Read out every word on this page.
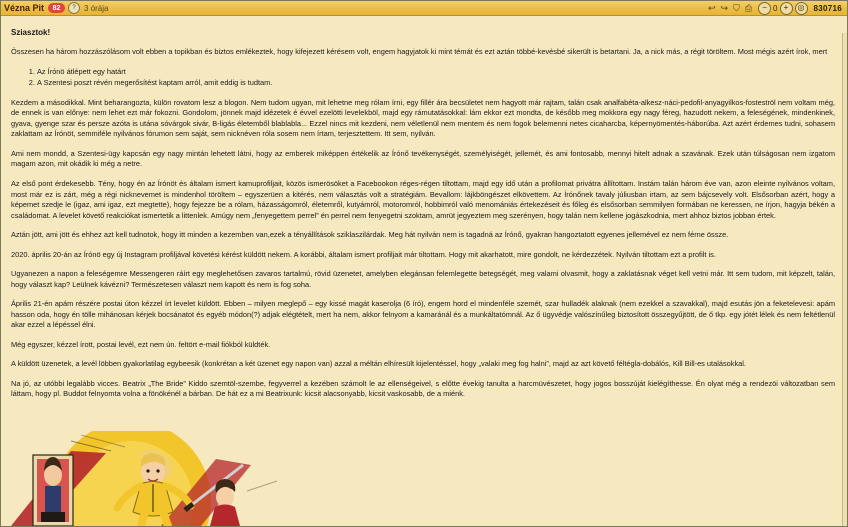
Vézna Pit	82	?	3 órája	↩ ↪ ⛉ ⎙	− 0 +	◎	830716
Sziasztok!

Összesen ha három hozzászólásom volt ebben a topikban és biztos emlékeztek, hogy kifejezett kérésem volt, engem hagyjatok ki mint témát és ezt aztán többé-kevésbé sikerült is betartani. Ja, a nick más, a régit töröltem. Most mégis azért írok, mert

1. Az Írónö átlépett egy határt
2. A Szentesi poszt révén megerősítést kaptam arról, amit eddig is tudtam.

Kezdem a másodikkal. Mint beharangozta, külön rovatom lesz a blogon. Nem tudom ugyan, mit lehetne meg rólam írni, egy fillér ára becsületet nem hagyott már rajtam, talán csak analfabéta-alkesz-náci-pedofil-anyagyilkos-fosteströl nem voltam még, de ennek is van előnye: nem lehet ezt már fokozni. Gondolom, jönnek majd idézetek é évvel ezelötti levelekböl, majd egy rámutatásokkal: lám ekkor ezt mondta, de később meg mokkora egy nagy féreg, hazudott nekem, a feleségének, mindenkinek, gyava, gyenge szar és persze azóta is utána sóvárgok sivár, B-ligás életemből blablabla... Ezzel nincs mit kezdeni, nem véletlenül nem mentem és nem fogok belemenni netes cicaharcba, képernyömentés-háborúba. Azt azért érdemes tudni, sohasem zaklattam az Írónöt, semmiféle nyilvános fórumon sem saját, sem nicknéven róla sosem nem írtam, terjesztettem. Itt sem, nyilván.

Ami nem mondd, a Szentesi-ügy kapcsán egy nagy mintán lehetett látni, hogy az emberek miképpen értékelik az Írónő tevékenységét, személyiségét, jellemét, és ami fontosabb, mennyi hitelt adnak a szavának. Ezek után túlságosan nem izgatom magam azon, mit okádik ki még a netre.

Az első pont érdekesebb. Tény, hogy én az Írónöt és általam ismert kamuprofiljait, közös ismerösöket a Facebookon réges-régen tiltottam, majd egy idő után a profilomat privátra állítottam. Instám talán három éve van, azon eleinte nyilvános voltam, most már ez is zárt, még a régi nicknevemet is mindenhol töröltem – egyszerüen a kitérés, nem választás volt a stratégiám. Bevallom: lájkböngészet elkövettem. Az Írónőnek tavaly júliusban irtam, az sem bájcsevely volt. Elsősorban azért, hogy a képemet szedje le (igaz, ami igaz, ezt megtette), hogy fejezze be a rólam, házasságomról, életemről, kutyámról, motoromról, hobbimról való menomániás értekezéseit és főleg és elsősorban semmilyen formában ne keressen, ne írjon, hagyja békén a családomat. A levelet követő reakciókat ismertetik a littenlek. Amúgy nem „fenyegettem perrel” én perrel nem fenyegetni szoktam, amrüt jegyeztem meg szerényen, hogy talán nem kellene jogászkodnia, mert ahhoz biztos jobban értek.

Aztán jött, ami jött és ehhez azt kell tudnotok, hogy itt minden a kezemben van,ezek a tényállítások sziklaszilárdak. Meg hát nyilván nem is tagadná az Írónő, gyakran hangoztatott egyenes jellemével ez nem férne össze.

2020. április 20-án az Írónö egy új Instagram profiljával követési kérést küldött nekem. A korábbi, általam ismert profiljait már tiltottam. Hogy mit akarhatott, mire gondolt, ne kérdezzétek. Nyilván tiltottam ezt a profilt is.

Ugyanezen a napon a feleségemre Messengeren ráírt egy meglehetősen zavaros tartalmú, rövid üzenetet, amelyben elegánsan felemlegette betegségét, meg valami olvasmit, hogy a zaklatásnak véget kell vetni már. Itt sem tudom, mit képzelt, talán, hogy választ kap? Leülnek kávézni? Természetesen választ nem kapott és nem is fog soha.

Április 21-én apám részére postai úton kézzel írt levelet küldött. Ebben – milyen meglepő – egy kissé magát kaserolja (6 író), engem hord el mindenféle szemét, szar hulladék alaknak (nem ezekkel a szavakkal), majd esutás jön a feketelevesi: apám hasson oda, hogy én tölle mihánosan kérjek bocsánatot és egyéb módon(?) adjak elégtételt, mert ha nem, akkor felnyom a kamaránál és a munkáltatómnál. Az ő ügyvédje valószínűleg biztosított összegyűjtött, de ő tkp. egy jótét lélek és nem feltétlenül akar ezzel a lépéssel élni.

Még egyszer, kézzel írott, postai levél, ezt nem ún. feltört e-mail fiókból küldték.

A küldött üzenetek, a levél löbben gyakorlatilag egybeesik (konkrétan a két üzenet egy napon van) azzal a méltán elhíresült kijelentéssel, hogy „valaki meg fog halni”, majd az azt követő féltégla-dobálós, Kill Bill-es utalásokkal.

Na jó, az utóbbi legalább vicces. Beatrix „The Bride” Kiddo szemtöl-szembe, fegyverrel a kezében számolt le az ellenségeivel, s előtte évekig tanulta a harcmüvészetet, hogy jogos bosszúját kielégíthesse. Én olyat még a rendezöi változatban sem láttam, hogy pl. Buddot felnyomta volna a fönökénél a bárban. De hát ez a mi Beatrixunk: kicsit alacsonyabb, kicsit vaskosabb, de a miénk.
